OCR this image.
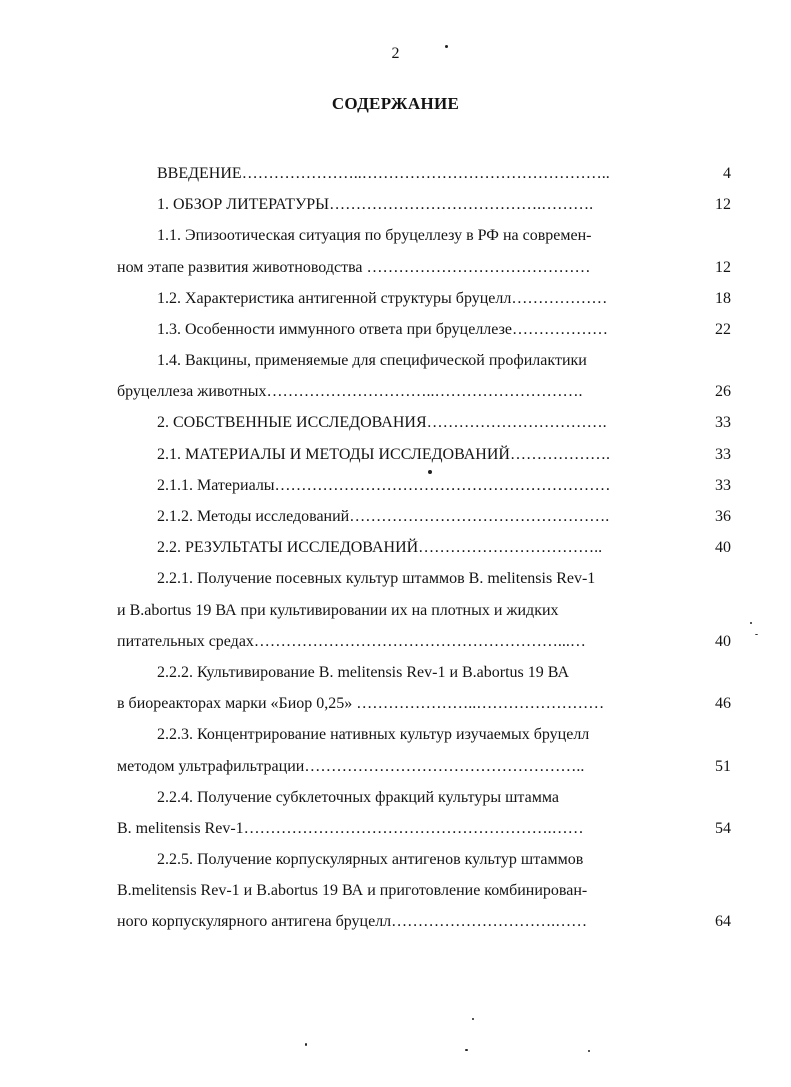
2
СОДЕРЖАНИЕ
ВВЕДЕНИЕ…………………..………………………………………..	4
1. ОБЗОР ЛИТЕРАТУРЫ………………………………….……….	12
1.1. Эпизоотическая ситуация по бруцеллезу в РФ на современ-
ном этапе развития животноводства ……………………………………	12
1.2. Характеристика антигенной структуры бруцелл………………	18
1.3. Особенности иммунного ответа при бруцеллезе………………	22
1.4. Вакцины, применяемые для специфической профилактики
бруцеллеза животных…………………………..……………………….	26
2. СОБСТВЕННЫЕ ИССЛЕДОВАНИЯ…………………………….	33
2.1. МАТЕРИАЛЫ И МЕТОДЫ ИССЛЕДОВАНИЙ……………….	33
2.1.1. Материалы………………………………………………………	33
2.1.2. Методы исследований………………………………………….	36
2.2. РЕЗУЛЬТАТЫ ИССЛЕДОВАНИЙ……………………………..	40
2.2.1. Получение посевных культур штаммов B. melitensis Rev-1
и B.abortus 19 ВА при культивировании их на плотных и жидких
питательных средах…………………………………………………...…	40
2.2.2. Культивирование B. melitensis Rev-1 и B.abortus 19 ВА
в биореакторах марки «Биор 0,25» …………………..……………………	46
2.2.3. Концентрирование нативных культур изучаемых бруцелл
методом ультрафильтрации……………………………………………..	51
2.2.4. Получение субклеточных фракций культуры штамма
B. melitensis Rev-1………………………………………………….……	54
2.2.5. Получение корпускулярных антигенов культур штаммов
B.melitensis Rev-1 и B.abortus 19 ВА и приготовление комбинирован-
ного корпускулярного антигена бруцелл………………………….……	64
